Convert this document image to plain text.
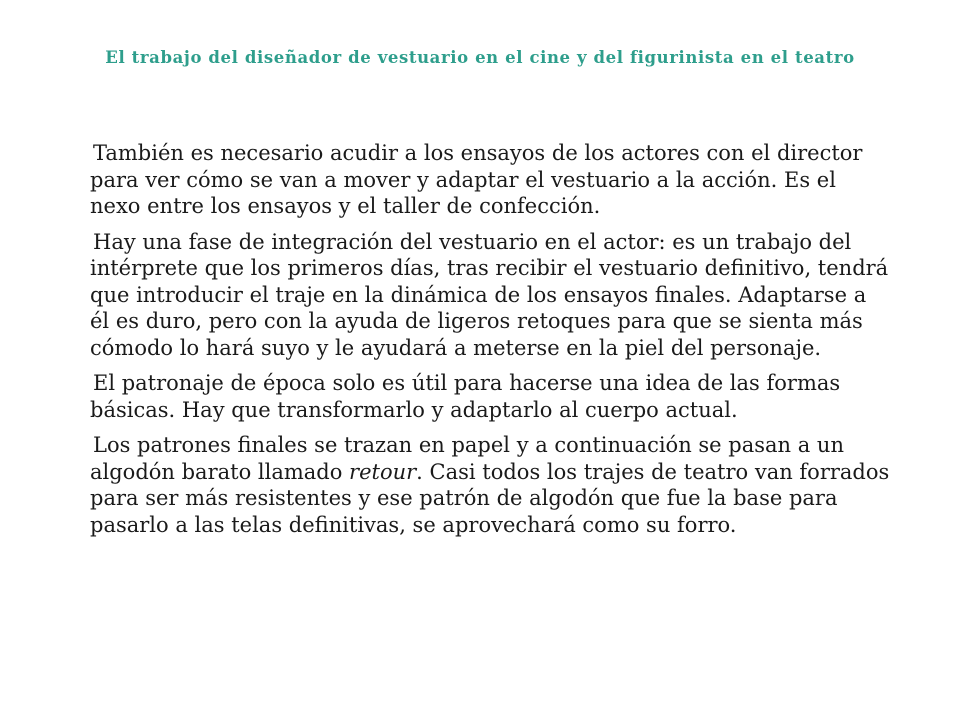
El trabajo del diseñador de vestuario en el cine y del figurinista en el teatro

También es necesario acudir a los ensayos de los actores con el director para ver cómo se van a mover y adaptar el vestuario a la acción. Es el nexo entre los ensayos y el taller de confección.

Hay una fase de integración del vestuario en el actor: es un trabajo del intérprete que los primeros días, tras recibir el vestuario definitivo, tendrá que introducir el traje en la dinámica de los ensayos finales. Adaptarse a él es duro, pero con la ayuda de ligeros retoques para que se sienta más cómodo lo hará suyo y le ayudará a meterse en la piel del personaje.

El patronaje de época solo es útil para hacerse una idea de las formas básicas. Hay que transformarlo y adaptarlo al cuerpo actual.

Los patrones finales se trazan en papel y a continuación se pasan a un algodón barato llamado retour. Casi todos los trajes de teatro van forrados para ser más resistentes y ese patrón de algodón que fue la base para pasarlo a las telas definitivas, se aprovechará como su forro.
